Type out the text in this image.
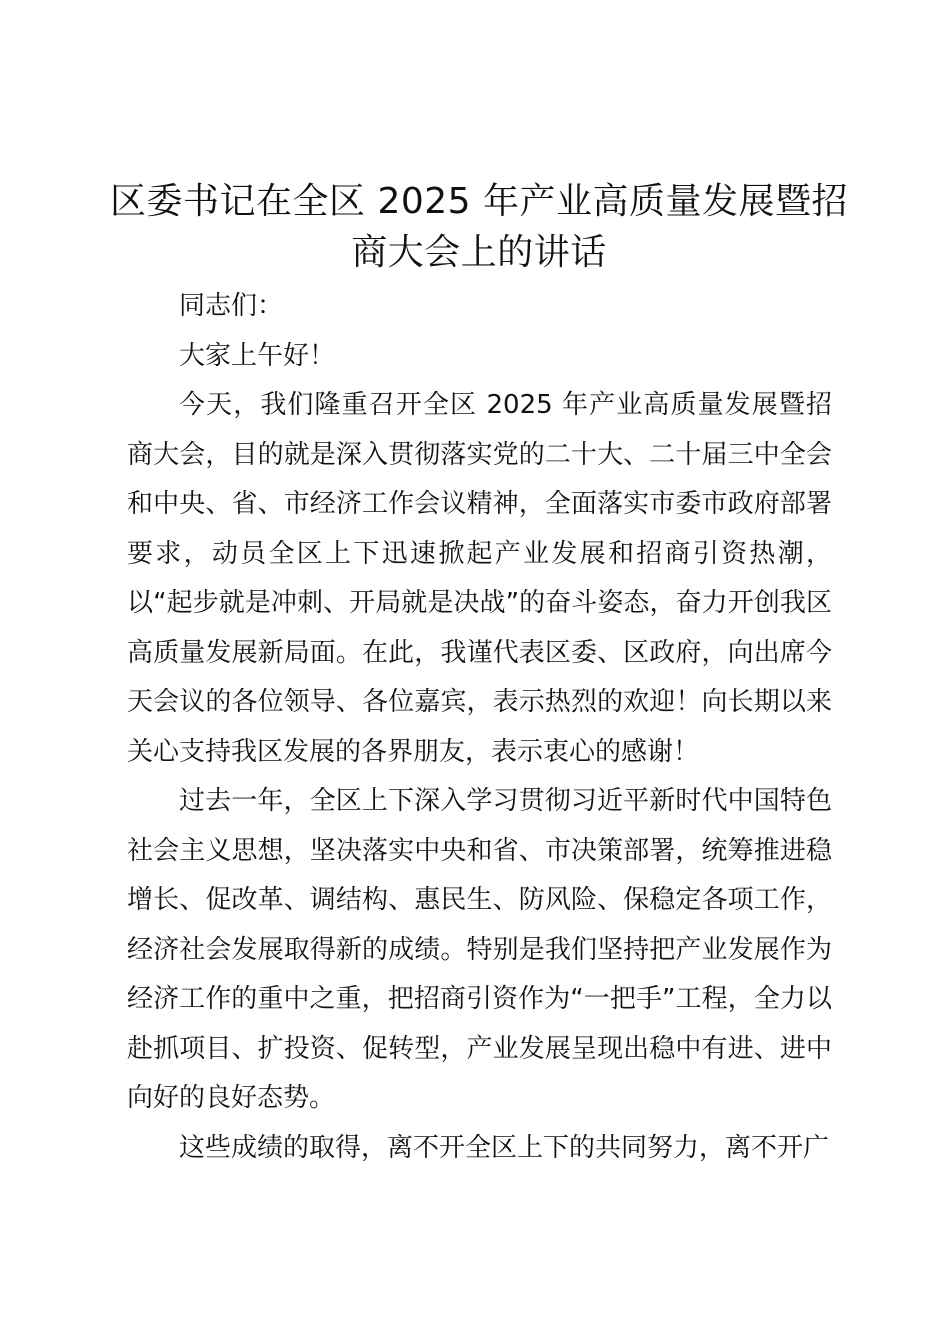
区委书记在全区 2025 年产业高质量发展暨招
商大会上的讲话

同志们：

大家上午好！

今天，我们隆重召开全区 2025 年产业高质量发展暨招商大会，目的就是深入贯彻落实党的二十大、二十届三中全会和中央、省、市经济工作会议精神，全面落实市委市政府部署要求，动员全区上下迅速掀起产业发展和招商引资热潮，以“起步就是冲刺、开局就是决战”的奋斗姿态，奋力开创我区高质量发展新局面。在此，我谨代表区委、区政府，向出席今天会议的各位领导、各位嘉宾，表示热烈的欢迎！向长期以来关心支持我区发展的各界朋友，表示衷心的感谢！

过去一年，全区上下深入学习贯彻习近平新时代中国特色社会主义思想，坚决落实中央和省、市决策部署，统筹推进稳增长、促改革、调结构、惠民生、防风险、保稳定各项工作，经济社会发展取得新的成绩。特别是我们坚持把产业发展作为经济工作的重中之重，把招商引资作为“一把手”工程，全力以赴抓项目、扩投资、促转型，产业发展呈现出稳中有进、进中向好的良好态势。

这些成绩的取得，离不开全区上下的共同努力，离不开广
